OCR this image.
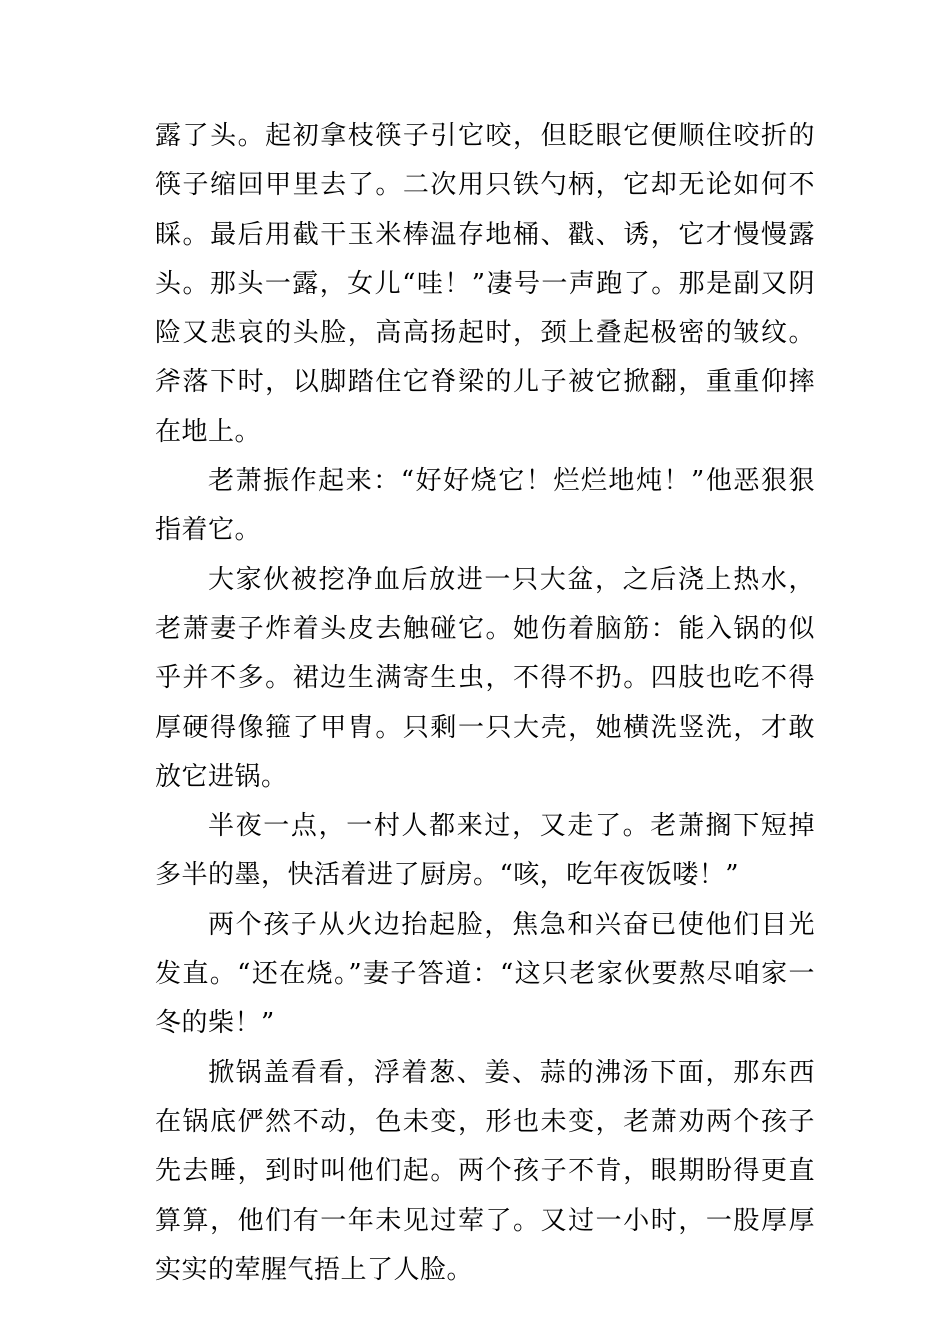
露了头。起初拿枝筷子引它咬，但眨眼它便顺住咬折的筷子缩回甲里去了。二次用只铁勺柄，它却无论如何不睬。最后用截干玉米棒温存地桶、戳、诱，它才慢慢露头。那头一露，女儿“哇！”凄号一声跑了。那是副又阴险又悲哀的头脸，高高扬起时，颈上叠起极密的皱纹。斧落下时，以脚踏住它脊梁的儿子被它掀翻，重重仰摔在地上。

老萧振作起来：“好好烧它！烂烂地炖！”他恶狠狠指着它。

大家伙被挖净血后放进一只大盆，之后浇上热水，老萧妻子炸着头皮去触碰它。她伤着脑筋：能入锅的似乎并不多。裙边生满寄生虫，不得不扔。四肢也吃不得厚硬得像箍了甲胄。只剩一只大壳，她横洗竖洗，才敢放它进锅。

半夜一点，一村人都来过，又走了。老萧搁下短掉多半的墨，快活着进了厨房。“咳，吃年夜饭喽！”

两个孩子从火边抬起脸，焦急和兴奋已使他们目光发直。“还在烧。”妻子答道：“这只老家伙要熬尽咱家一冬的柴！”

掀锅盖看看，浮着葱、姜、蒜的沸汤下面，那东西在锅底俨然不动，色未变，形也未变，老萧劝两个孩子先去睡，到时叫他们起。两个孩子不肯，眼期盼得更直算算，他们有一年未见过荤了。又过一小时，一股厚厚实实的荤腥气捂上了人脸。
